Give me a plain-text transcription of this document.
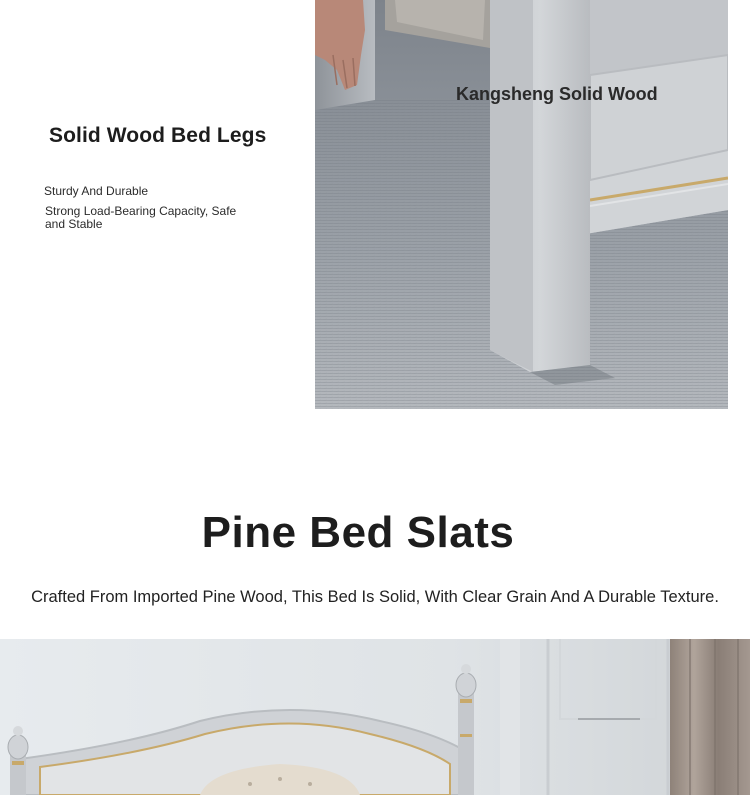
Solid Wood Bed Legs
Sturdy And Durable
Strong Load-Bearing Capacity, Safe and Stable
Kangsheng Solid Wood
Pine Bed Slats
Crafted From Imported Pine Wood, This Bed Is Solid, With Clear Grain And A Durable Texture.
